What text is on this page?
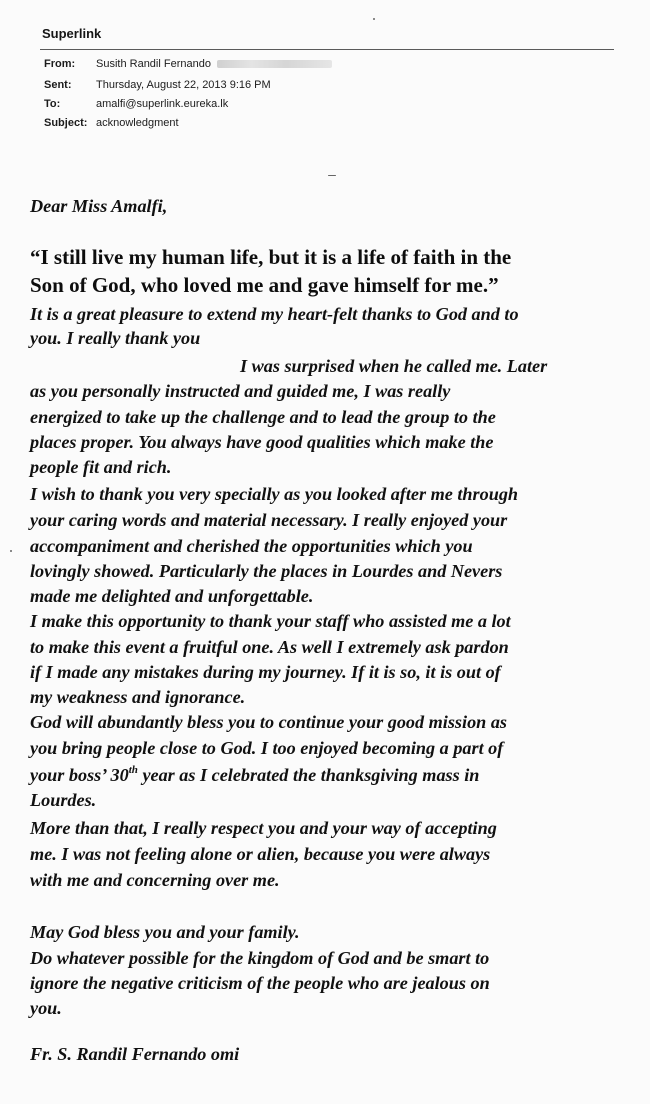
Superlink
From: Susith Randil Fernando
Sent: Thursday, August 22, 2013 9:16 PM
To:	amalfi@superlink.eureka.lk
Subject: acknowledgment
Dear Miss Amalfi,
“I still live my human life, but it is a life of faith in the
Son of God, who loved me and gave himself for me.”
It is a great pleasure to extend my heart-felt thanks to God and to
you. I really thank you
I was surprised when he called me. Later
as you personally instructed and guided me, I was really
energized to take up the challenge and to lead the group to the
places proper. You always have good qualities which make the
people fit and rich.
I wish to thank you very specially as you looked after me through
your caring words and material necessary. I really enjoyed your
accompaniment and cherished the opportunities which you
lovingly showed. Particularly the places in Lourdes and Nevers
made me delighted and unforgettable.
I make this opportunity to thank your staff who assisted me a lot
to make this event a fruitful one. As well I extremely ask pardon
if I made any mistakes during my journey. If it is so, it is out of
my weakness and ignorance.
God will abundantly bless you to continue your good mission as
you bring people close to God. I too enjoyed becoming a part of
your boss’ 30th year as I celebrated the thanksgiving mass in
Lourdes.
More than that, I really respect you and your way of accepting
me. I was not feeling alone or alien, because you were always
with me and concerning over me.
May God bless you and your family.
Do whatever possible for the kingdom of God and be smart to
ignore the negative criticism of the people who are jealous on
you.
Fr. S. Randil Fernando omi
